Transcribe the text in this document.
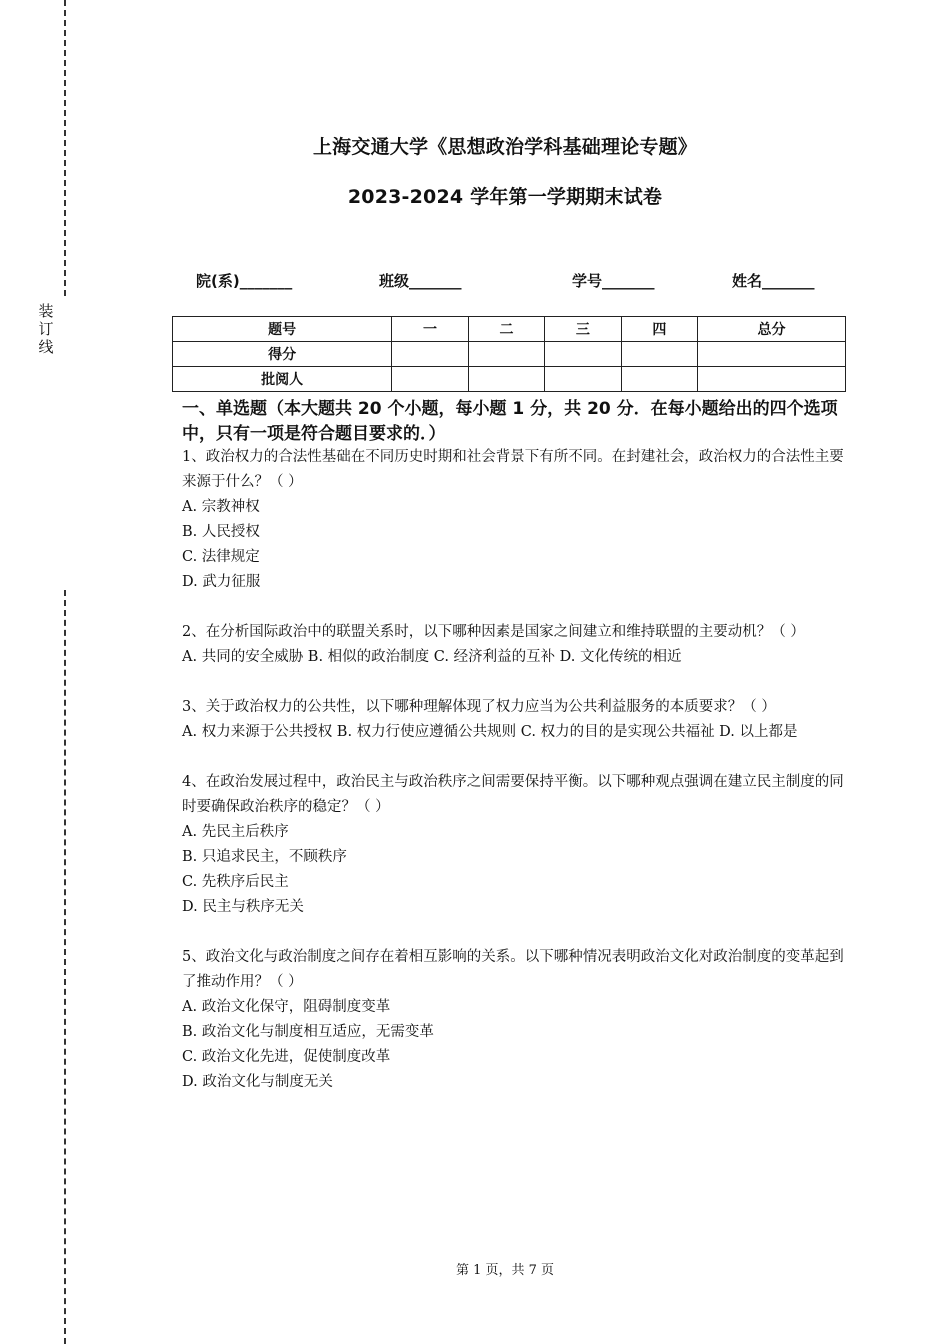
装
订
线
上海交通大学《思想政治学科基础理论专题》
2023-2024 学年第一学期期末试卷
院(系)_______	班级_______	学号_______	姓名_______
题号	一	二	三	四	总分
得分					
批阅人					
一、单选题（本大题共 20 个小题，每小题 1 分，共 20 分．在每小题给出的四个选项中，只有一项是符合题目要求的．）

1、政治权力的合法性基础在不同历史时期和社会背景下有所不同。在封建社会，政治权力的合法性主要来源于什么？（ ）

A. 宗教神权

B. 人民授权

C. 法律规定

D. 武力征服

2、在分析国际政治中的联盟关系时，以下哪种因素是国家之间建立和维持联盟的主要动机？（ ）

A. 共同的安全威胁 B. 相似的政治制度 C. 经济利益的互补 D. 文化传统的相近

3、关于政治权力的公共性，以下哪种理解体现了权力应当为公共利益服务的本质要求？（ ）

A. 权力来源于公共授权 B. 权力行使应遵循公共规则 C. 权力的目的是实现公共福祉 D. 以上都是

4、在政治发展过程中，政治民主与政治秩序之间需要保持平衡。以下哪种观点强调在建立民主制度的同时要确保政治秩序的稳定？（ ）

A. 先民主后秩序

B. 只追求民主，不顾秩序

C. 先秩序后民主

D. 民主与秩序无关

5、政治文化与政治制度之间存在着相互影响的关系。以下哪种情况表明政治文化对政治制度的变革起到了推动作用？（ ）

A. 政治文化保守，阻碍制度变革

B. 政治文化与制度相互适应，无需变革

C. 政治文化先进，促使制度改革

D. 政治文化与制度无关

第 1 页，共 7 页
